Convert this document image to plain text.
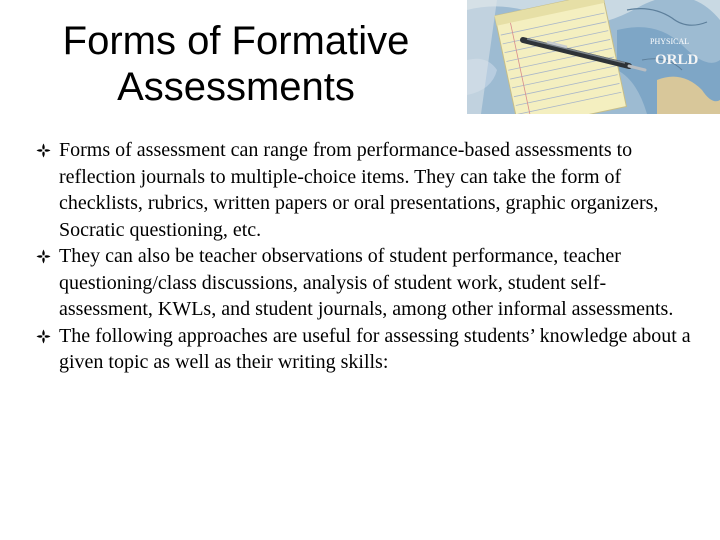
Forms of Formative
Assessments
PHYSICAL
ORLD
Forms of assessment can range from performance-based assessments to reflection journals to multiple-choice items. They can take the form of checklists, rubrics, written papers or oral presentations, graphic organizers, Socratic questioning, etc.
They can also be teacher observations of student performance, teacher questioning/class discussions, analysis of student work, student self-assessment, KWLs, and student journals, among other informal assessments.
The following approaches are useful for assessing students’ knowledge about a given topic as well as their writing skills:
